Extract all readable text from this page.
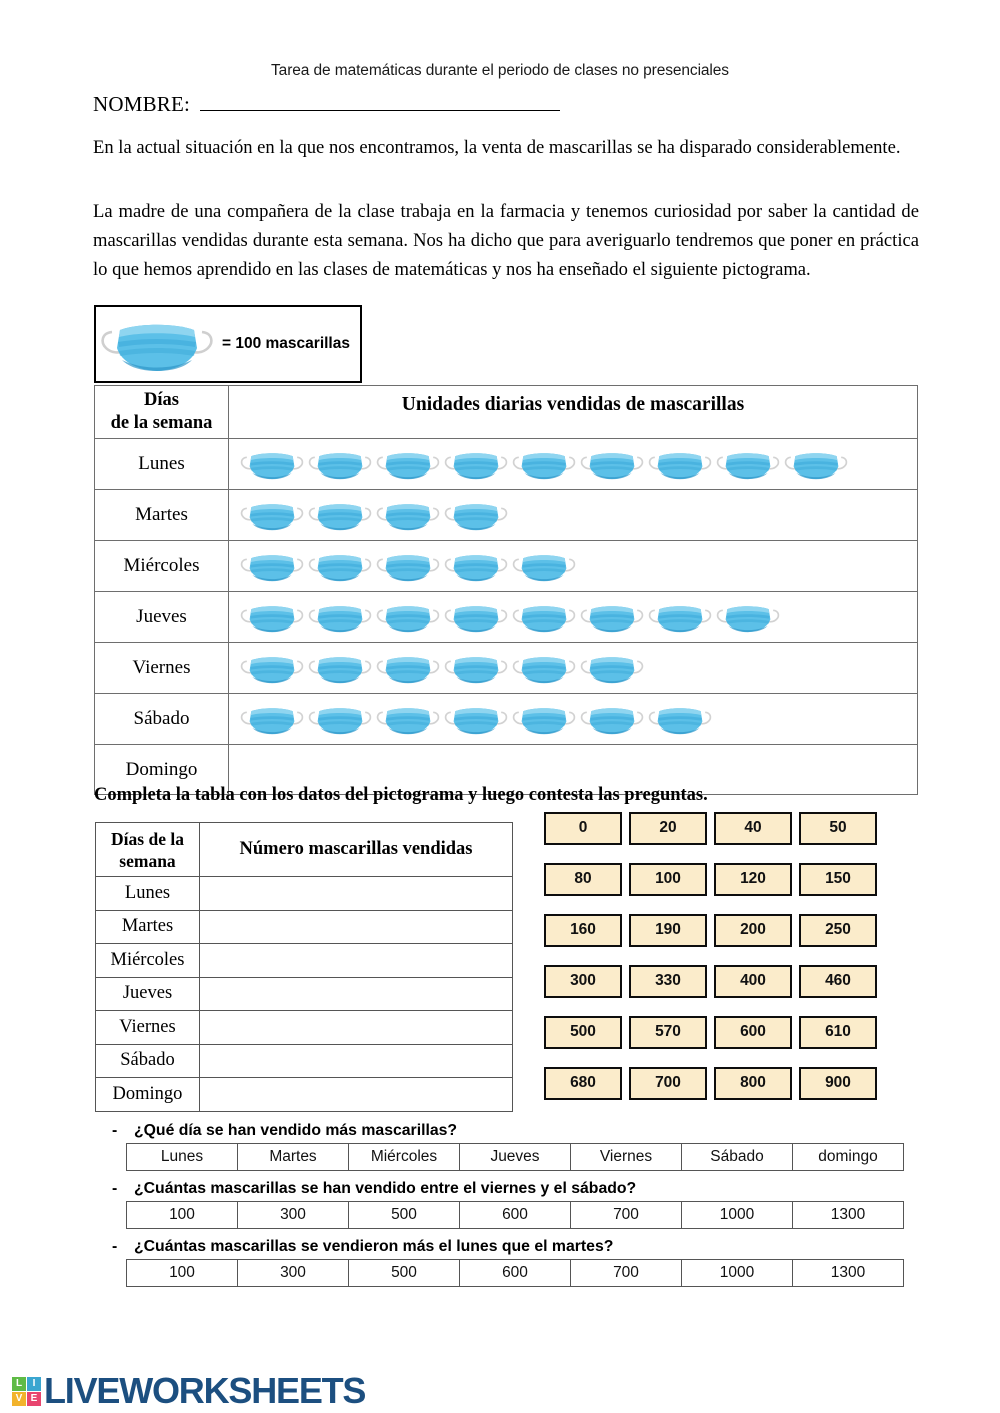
Tarea de matemáticas durante el periodo de clases no presenciales
NOMBRE:
En la actual situación en la que nos encontramos, la venta de mascarillas se ha disparado considerablemente.
La madre de una compañera de la clase trabaja en la farmacia y tenemos curiosidad por saber la cantidad de mascarillas vendidas durante esta semana. Nos ha dicho que para averiguarlo tendremos que poner en práctica lo que hemos aprendido en las clases de matemáticas y nos ha enseñado el siguiente pictograma.
= 100 mascarillas
Días
de la semana	Unidades diarias vendidas de mascarillas
Lunes	

Martes	

Miércoles	

Jueves	

Viernes	

Sábado	

Domingo	
Completa la tabla con los datos del pictograma y luego contesta las preguntas.
Días de la
semana	Número mascarillas vendidas
Lunes	
Martes	
Miércoles	
Jueves	
Viernes	
Sábado	
Domingo	
0	20	40	50
80	100	120	150
160	190	200	250
300	330	400	460
500	570	600	610
680	700	800	900
-	¿Qué día se han vendido más mascarillas?
Lunes	Martes	Miércoles	Jueves	Viernes	Sábado	domingo
-	¿Cuántas mascarillas se han vendido entre el viernes y el sábado?
100	300	500	600	700	1000	1300
-	¿Cuántas mascarillas se vendieron más el lunes que el martes?
100	300	500	600	700	1000	1300
L	I
V E LIVEWORKSHEETS
